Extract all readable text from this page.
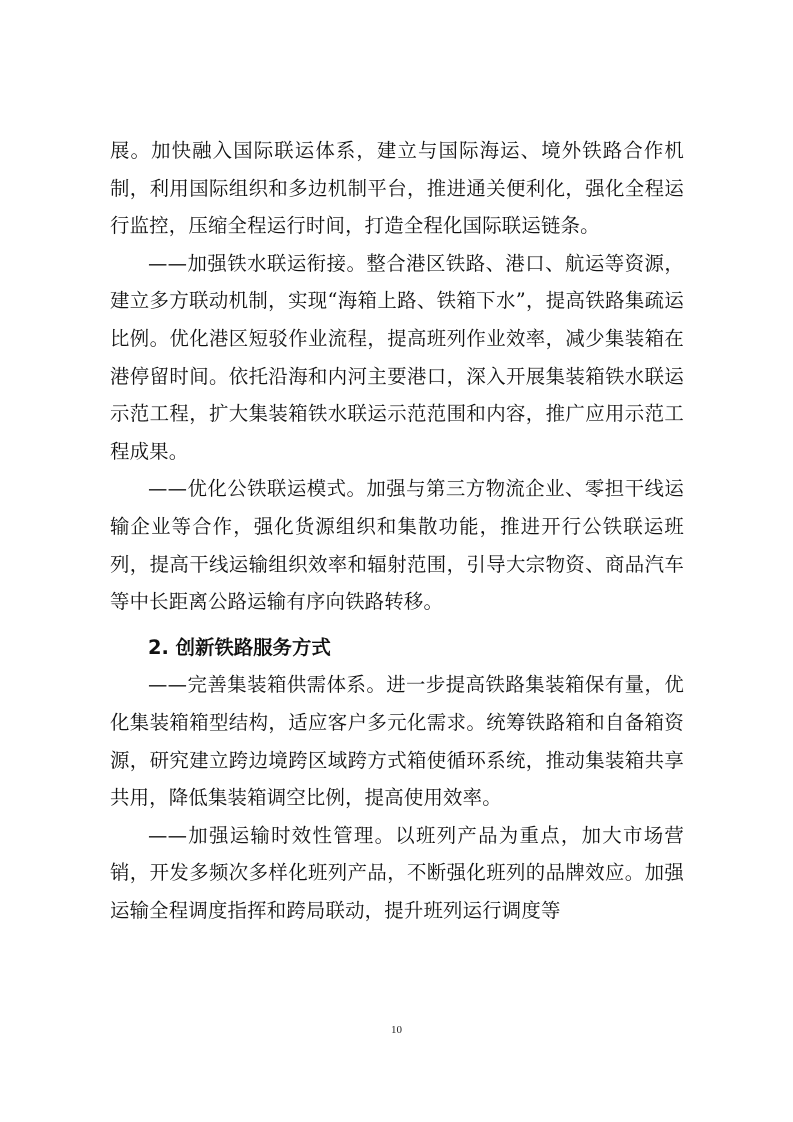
展。加快融入国际联运体系，建立与国际海运、境外铁路合作机制，利用国际组织和多边机制平台，推进通关便利化，强化全程运行监控，压缩全程运行时间，打造全程化国际联运链条。

——加强铁水联运衔接。整合港区铁路、港口、航运等资源，建立多方联动机制，实现“海箱上路、铁箱下水”，提高铁路集疏运比例。优化港区短驳作业流程，提高班列作业效率，减少集装箱在港停留时间。依托沿海和内河主要港口，深入开展集装箱铁水联运示范工程，扩大集装箱铁水联运示范范围和内容，推广应用示范工程成果。

——优化公铁联运模式。加强与第三方物流企业、零担干线运输企业等合作，强化货源组织和集散功能，推进开行公铁联运班列，提高干线运输组织效率和辐射范围，引导大宗物资、商品汽车等中长距离公路运输有序向铁路转移。

2. 创新铁路服务方式

——完善集装箱供需体系。进一步提高铁路集装箱保有量，优化集装箱箱型结构，适应客户多元化需求。统筹铁路箱和自备箱资源，研究建立跨边境跨区域跨方式箱使循环系统，推动集装箱共享共用，降低集装箱调空比例，提高使用效率。

——加强运输时效性管理。以班列产品为重点，加大市场营销，开发多频次多样化班列产品，不断强化班列的品牌效应。加强运输全程调度指挥和跨局联动，提升班列运行调度等

10
